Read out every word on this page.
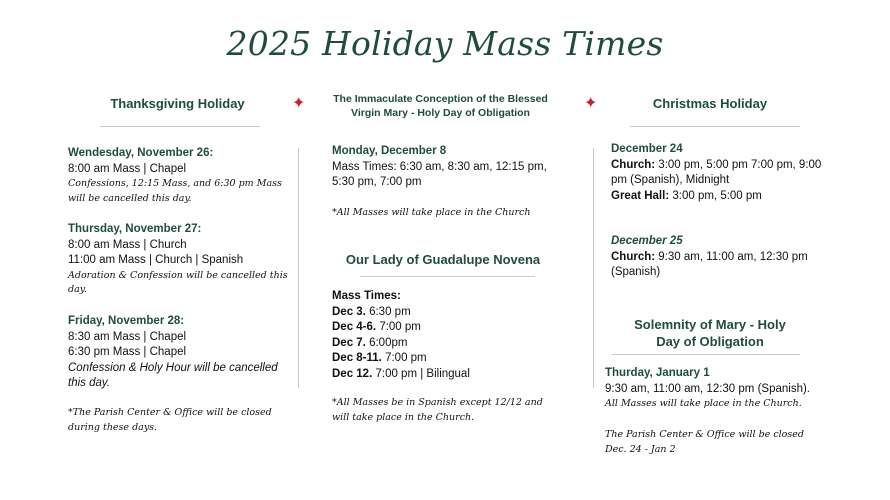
2025 Holiday Mass Times
✦	✦
Thanksgiving Holiday
Wendesday, November 26:
8:00 am Mass | Chapel
Confessions, 12:15 Mass, and 6:30 pm Mass will be cancelled this day.
Thursday, November 27:
8:00 am Mass | Church
11:00 am Mass | Church | Spanish
Adoration & Confession will be cancelled this day.
Friday, November 28:
8:30 am Mass | Chapel
6:30 pm Mass | Chapel
Confession & Holy Hour will be cancelled this day.
*The Parish Center & Office will be closed during these days.
The Immaculate Conception of the Blessed Virgin Mary - Holy Day of Obligation
Monday, December 8
Mass Times: 6:30 am, 8:30 am, 12:15 pm, 5:30 pm, 7:00 pm
*All Masses will take place in the Church
Our Lady of Guadalupe Novena
Mass Times:
Dec 3. 6:30 pm
Dec 4-6. 7:00 pm
Dec 7. 6:00pm
Dec 8-11. 7:00 pm
Dec 12. 7:00 pm | Bilingual
*All Masses be in Spanish except 12/12 and will take place in the Church.
Christmas Holiday
December 24
Church: 3:00 pm, 5:00 pm 7:00 pm, 9:00 pm (Spanish), Midnight
Great Hall: 3:00 pm, 5:00 pm
December 25
Church: 9:30 am, 11:00 am, 12:30 pm (Spanish)
Solemnity of Mary - Holy Day of Obligation
Thurday, January 1
9:30 am, 11:00 am, 12:30 pm (Spanish).
All Masses will take place in the Church.
The Parish Center & Office will be closed Dec. 24 - Jan 2
